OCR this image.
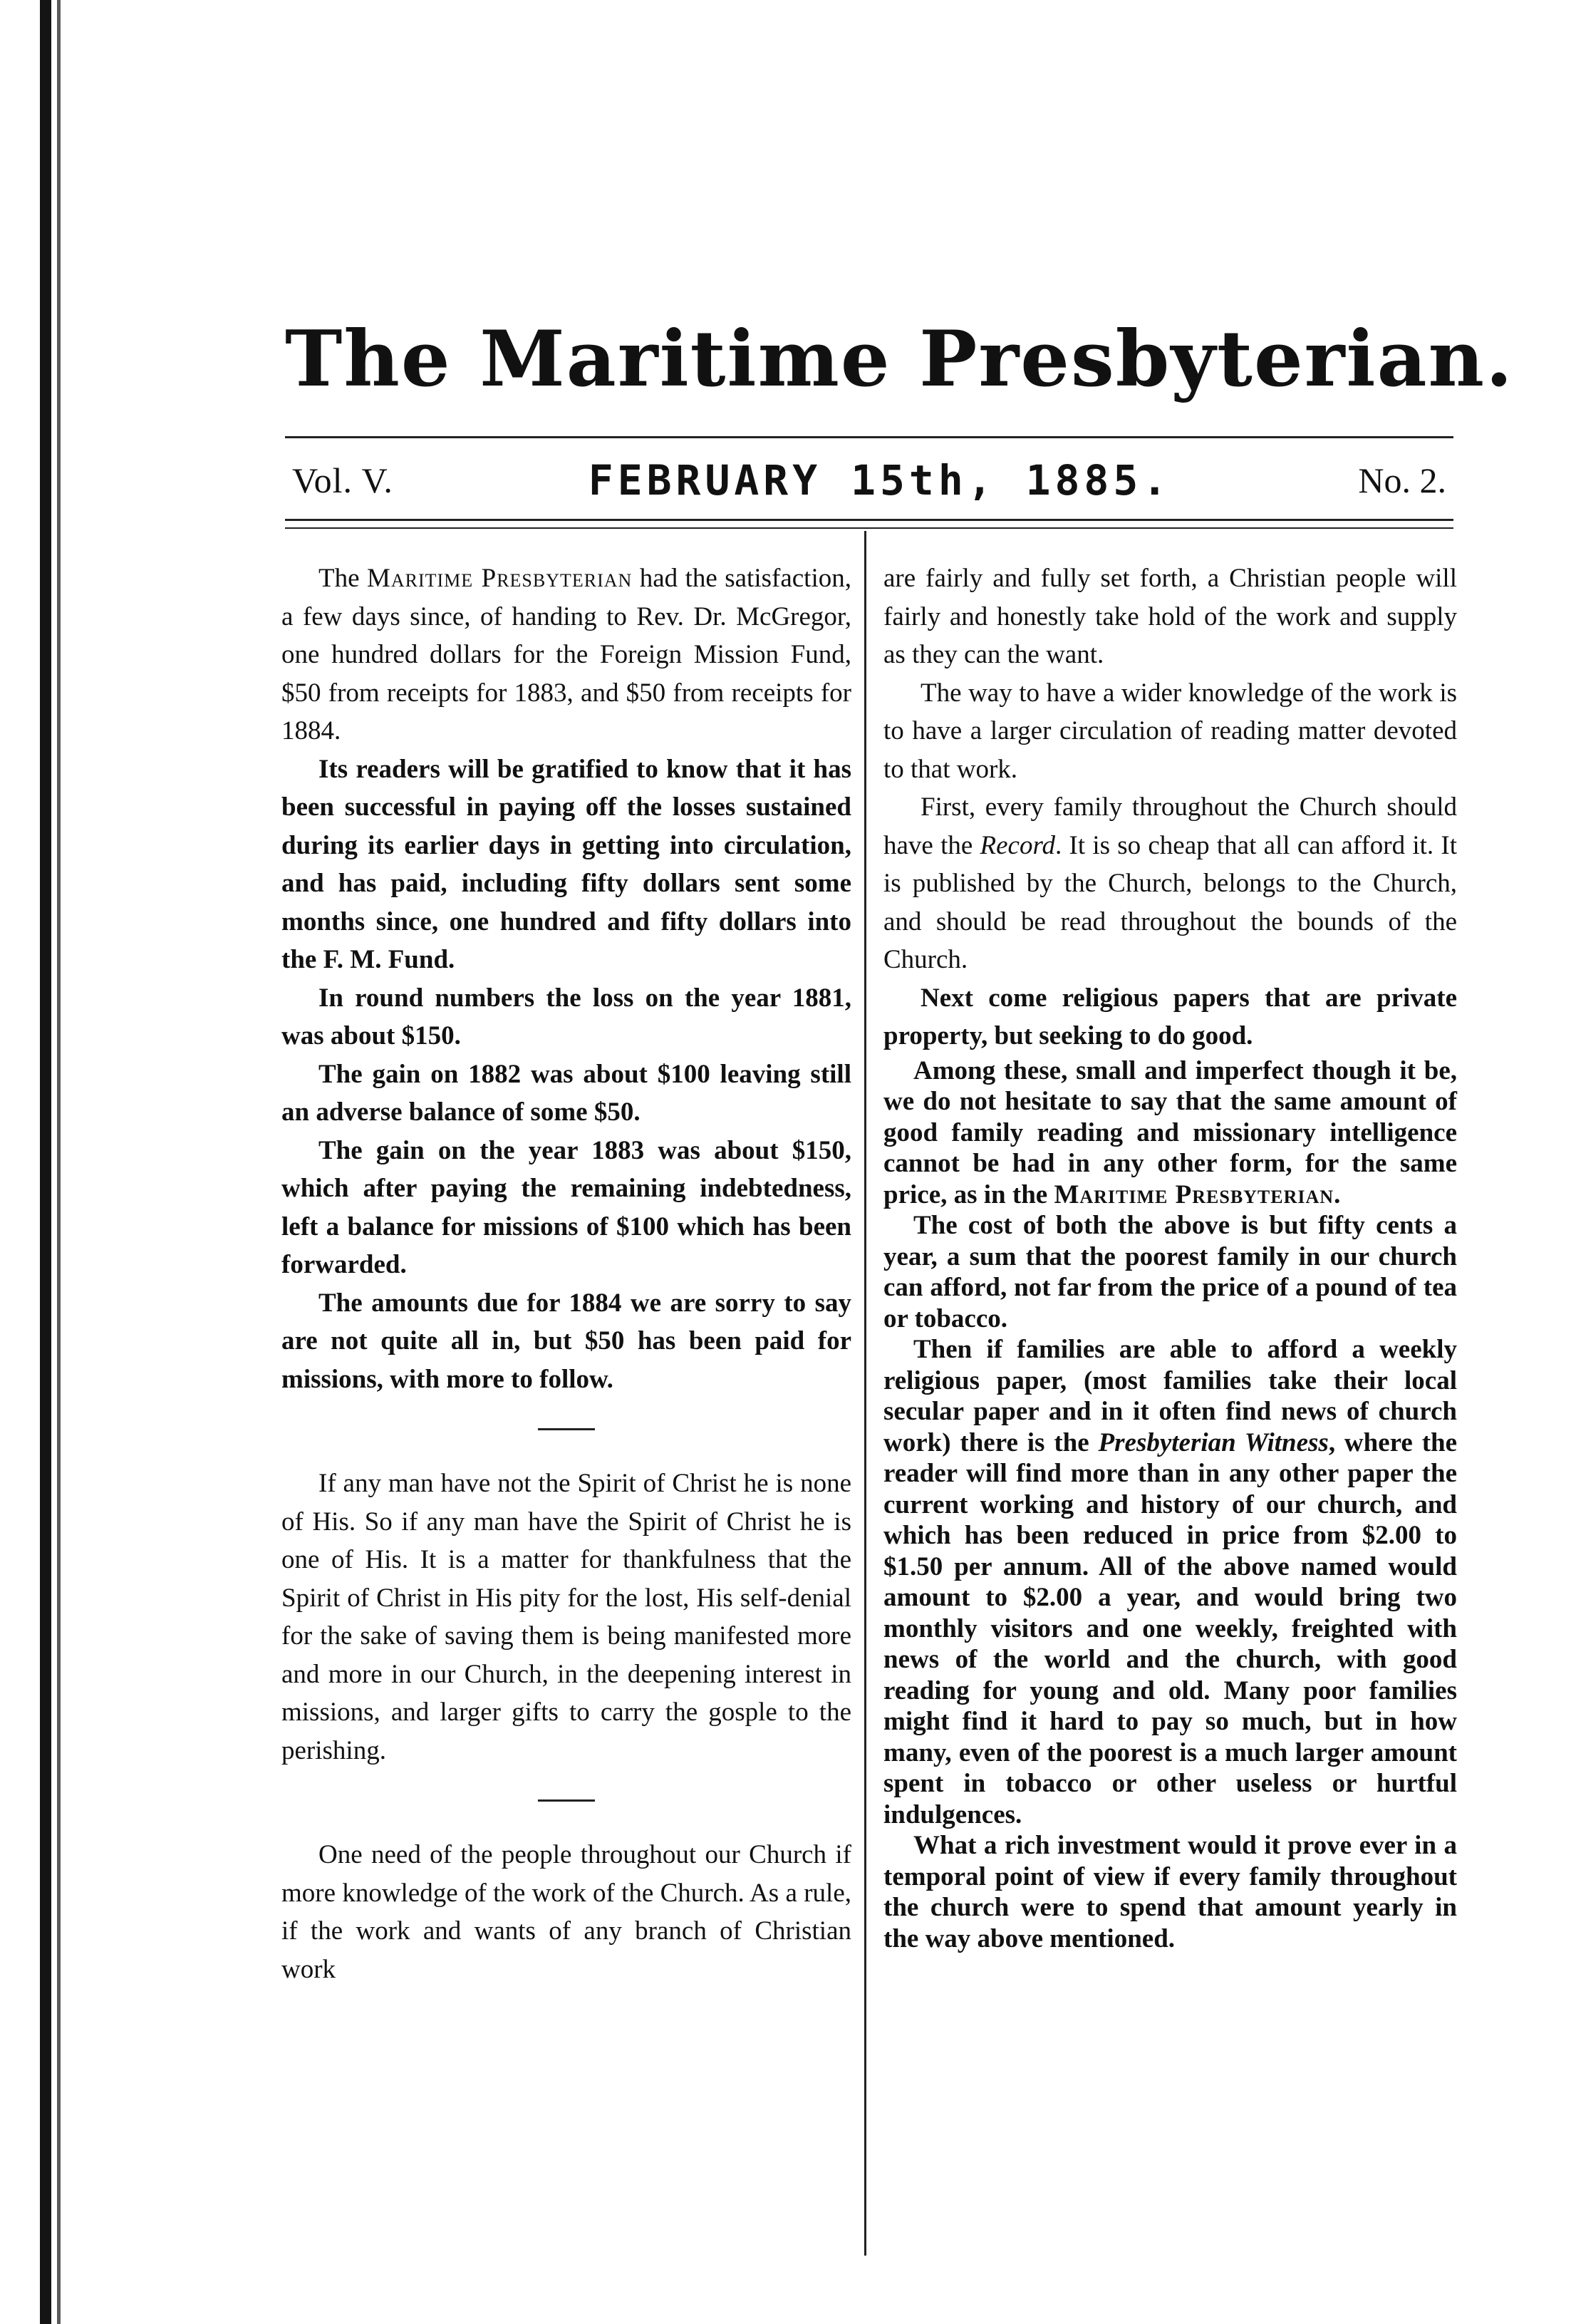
The Maritime Presbyterian.
Vol. V.	FEBRUARY 15th, 1885.	No. 2.

The Maritime Presbyterian had the satisfaction, a few days since, of handing to Rev. Dr. McGregor, one hundred dollars for the Foreign Mission Fund, $50 from receipts for 1883, and $50 from receipts for 1884.

Its readers will be gratified to know that it has been successful in paying off the losses sustained during its earlier days in getting into circulation, and has paid, including fifty dollars sent some months since, one hundred and fifty dollars into the F. M. Fund.

In round numbers the loss on the year 1881, was about $150.

The gain on 1882 was about $100 leaving still an adverse balance of some $50.

The gain on the year 1883 was about $150, which after paying the remaining indebtedness, left a balance for missions of $100 which has been forwarded.

The amounts due for 1884 we are sorry to say are not quite all in, but $50 has been paid for missions, with more to follow.

If any man have not the Spirit of Christ he is none of His. So if any man have the Spirit of Christ he is one of His. It is a matter for thankfulness that the Spirit of Christ in His pity for the lost, His self-denial for the sake of saving them is being manifested more and more in our Church, in the deepening interest in missions, and larger gifts to carry the gosple to the perishing.

One need of the people throughout our Church if more knowledge of the work of the Church. As a rule, if the work and wants of any branch of Christian work

are fairly and fully set forth, a Christian people will fairly and honestly take hold of the work and supply as they can the want.

The way to have a wider knowledge of the work is to have a larger circulation of reading matter devoted to that work.

First, every family throughout the Church should have the Record. It is so cheap that all can afford it. It is published by the Church, belongs to the Church, and should be read throughout the bounds of the Church.

Next come religious papers that are private property, but seeking to do good.

Among these, small and imperfect though it be, we do not hesitate to say that the same amount of good family reading and missionary intelligence cannot be had in any other form, for the same price, as in the Maritime Presbyterian.

The cost of both the above is but fifty cents a year, a sum that the poorest family in our church can afford, not far from the price of a pound of tea or tobacco.

Then if families are able to afford a weekly religious paper, (most families take their local secular paper and in it often find news of church work) there is the Presbyterian Witness, where the reader will find more than in any other paper the current working and history of our church, and which has been reduced in price from $2.00 to $1.50 per annum. All of the above named would amount to $2.00 a year, and would bring two monthly visitors and one weekly, freighted with news of the world and the church, with good reading for young and old. Many poor families might find it hard to pay so much, but in how many, even of the poorest is a much larger amount spent in tobacco or other useless or hurtful indulgences.

What a rich investment would it prove ever in a temporal point of view if every family throughout the church were to spend that amount yearly in the way above mentioned.
